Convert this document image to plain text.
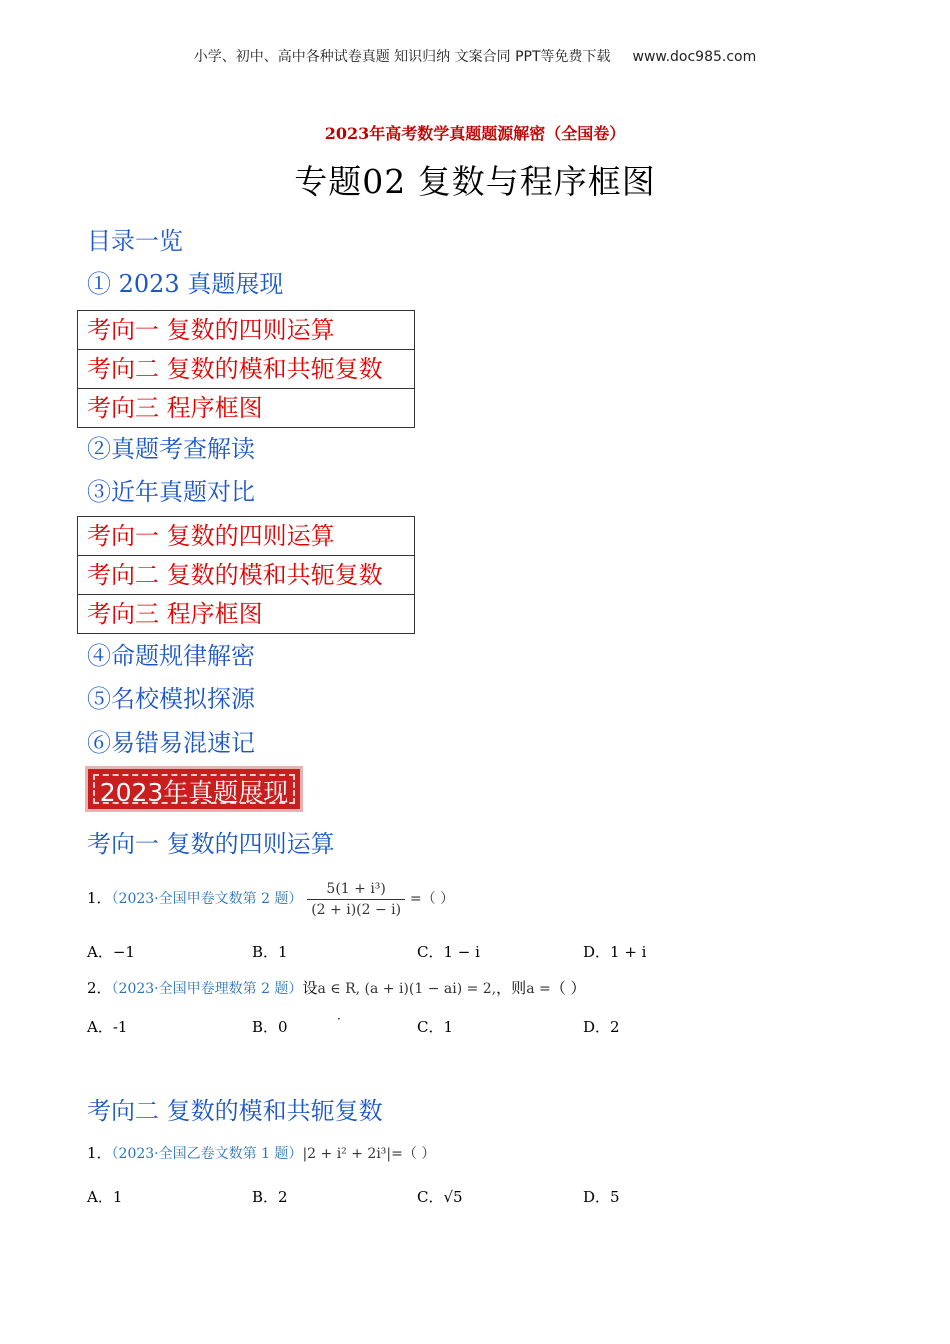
小学、初中、高中各种试卷真题 知识归纳 文案合同 PPT等免费下载 www.doc985.com
2023年高考数学真题题源解密（全国卷）
专题02 复数与程序框图
目录一览
① 2023 真题展现
考向一 复数的四则运算
考向二 复数的模和共轭复数
考向三 程序框图
②真题考查解读
③近年真题对比
考向一 复数的四则运算
考向二 复数的模和共轭复数
考向三 程序框图
④命题规律解密
⑤名校模拟探源
⑥易错易混速记
2023年真题展现
考向一 复数的四则运算
1．（2023·全国甲卷文数第 2 题） $\frac{\text{5(1 + i³)}}{(2 + i)(2 - i)}$ =（ ）
A．−1	B．1	C．1 − i	D．1 + i
2．（2023·全国甲卷理数第 2 题）设a ∈ R, (a + i)(1 − ai) = 2,，则a =（ ）
A．-1	B．0	·	C．1	D．2
考向二 复数的模和共轭复数
1．（2023·全国乙卷文数第 1 题）|2 + i² + 2i³|=（ ）
A．1	B．2	C．√5	D．5
